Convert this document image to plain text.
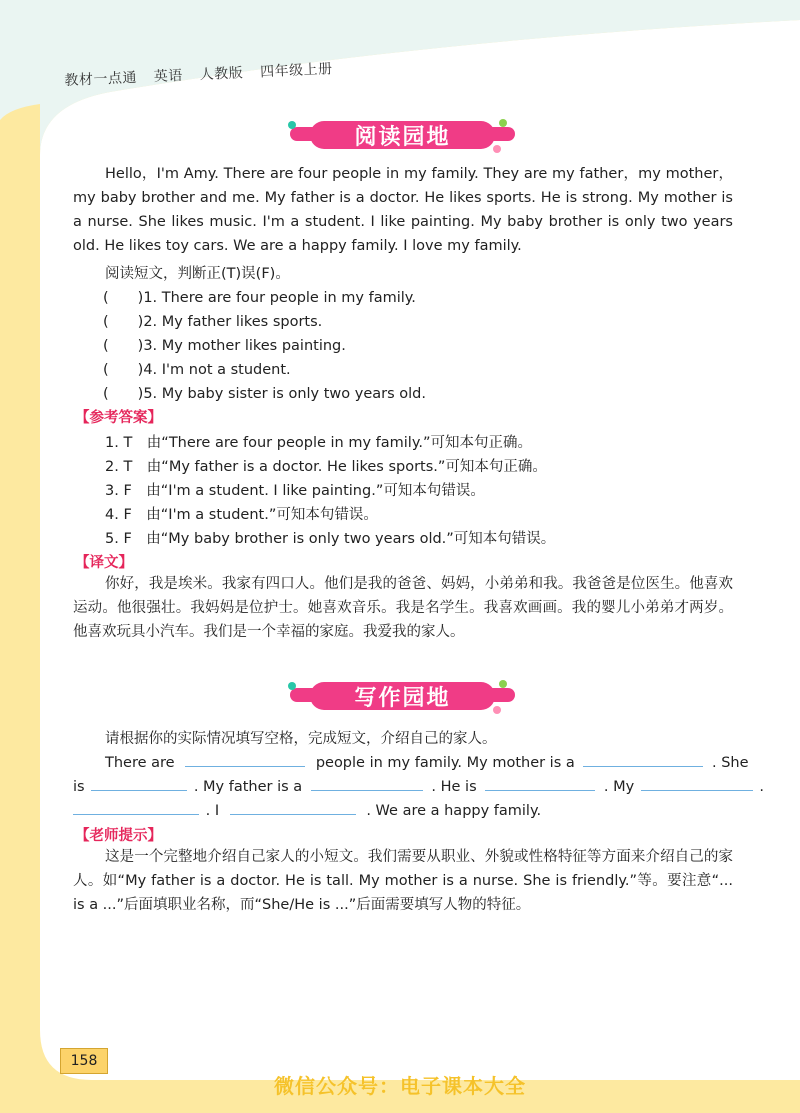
教材一点通 英语 人教版 四年级上册
阅读园地
Hello，I'm Amy. There are four people in my family. They are my father，my mother，my baby brother and me. My father is a doctor. He likes sports. He is strong. My mother is a nurse. She likes music. I'm a student. I like painting. My baby brother is only two years old. He likes toy cars. We are a happy family. I love my family.
阅读短文，判断正(T)误(F)。
(　　)1. There are four people in my family.
(　　)2. My father likes sports.
(　　)3. My mother likes painting.
(　　)4. I'm not a student.
(　　)5. My baby sister is only two years old.
【参考答案】
1. T　由“There are four people in my family.”可知本句正确。
2. T　由“My father is a doctor. He likes sports.”可知本句正确。
3. F　由“I'm a student. I like painting.”可知本句错误。
4. F　由“I'm a student.”可知本句错误。
5. F　由“My baby brother is only two years old.”可知本句错误。
【译文】
你好，我是埃米。我家有四口人。他们是我的爸爸、妈妈，小弟弟和我。我爸爸是位医生。他喜欢运动。他很强壮。我妈妈是位护士。她喜欢音乐。我是名学生。我喜欢画画。我的婴儿小弟弟才两岁。他喜欢玩具小汽车。我们是一个幸福的家庭。我爱我的家人。
写作园地
请根据你的实际情况填写空格，完成短文，介绍自己的家人。
There are	people in my family. My mother is a	. She
is	. My father is a	. He is	. My	.
. I	. We are a happy family.
【老师提示】
这是一个完整地介绍自己家人的小短文。我们需要从职业、外貌或性格特征等方面来介绍自己的家人。如“My father is a doctor. He is tall. My mother is a nurse. She is friendly.”等。要注意“... is a ...”后面填职业名称，而“She/He is ...”后面需要填写人物的特征。
158
微信公众号：电子课本大全
